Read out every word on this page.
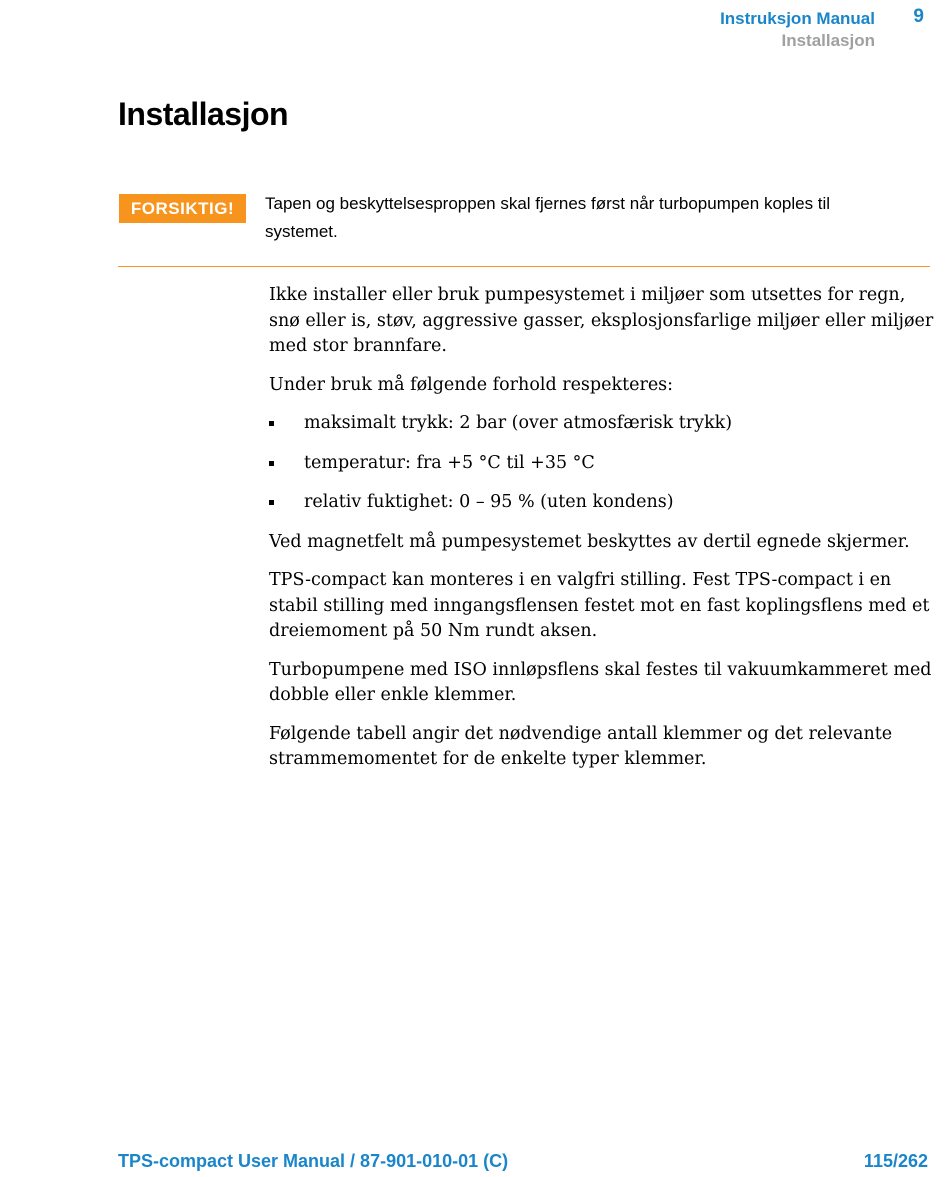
Instruksjon Manual
Installasjon
9
Installasjon
FORSIKTIG!	Tapen og beskyttelsesproppen skal fjernes først når turbopumpen koples til systemet.

Ikke installer eller bruk pumpesystemet i miljøer som utsettes for regn, snø eller is, støv, aggressive gasser, eksplosjonsfarlige miljøer eller miljøer med stor brannfare.

Under bruk må følgende forhold respekteres:

maksimalt trykk: 2 bar (over atmosfærisk trykk)
temperatur: fra +5 °C til +35 °C
relativ fuktighet: 0 – 95 % (uten kondens)

Ved magnetfelt må pumpesystemet beskyttes av dertil egnede skjermer.

TPS-compact kan monteres i en valgfri stilling. Fest TPS-compact i en stabil stilling med inngangsflensen festet mot en fast koplingsflens med et dreiemoment på 50 Nm rundt aksen.

Turbopumpene med ISO innløpsflens skal festes til vakuumkammeret med dobble eller enkle klemmer.

Følgende tabell angir det nødvendige antall klemmer og det relevante strammemomentet for de enkelte typer klemmer.

TPS-compact User Manual / 87-901-010-01 (C)	115/262
